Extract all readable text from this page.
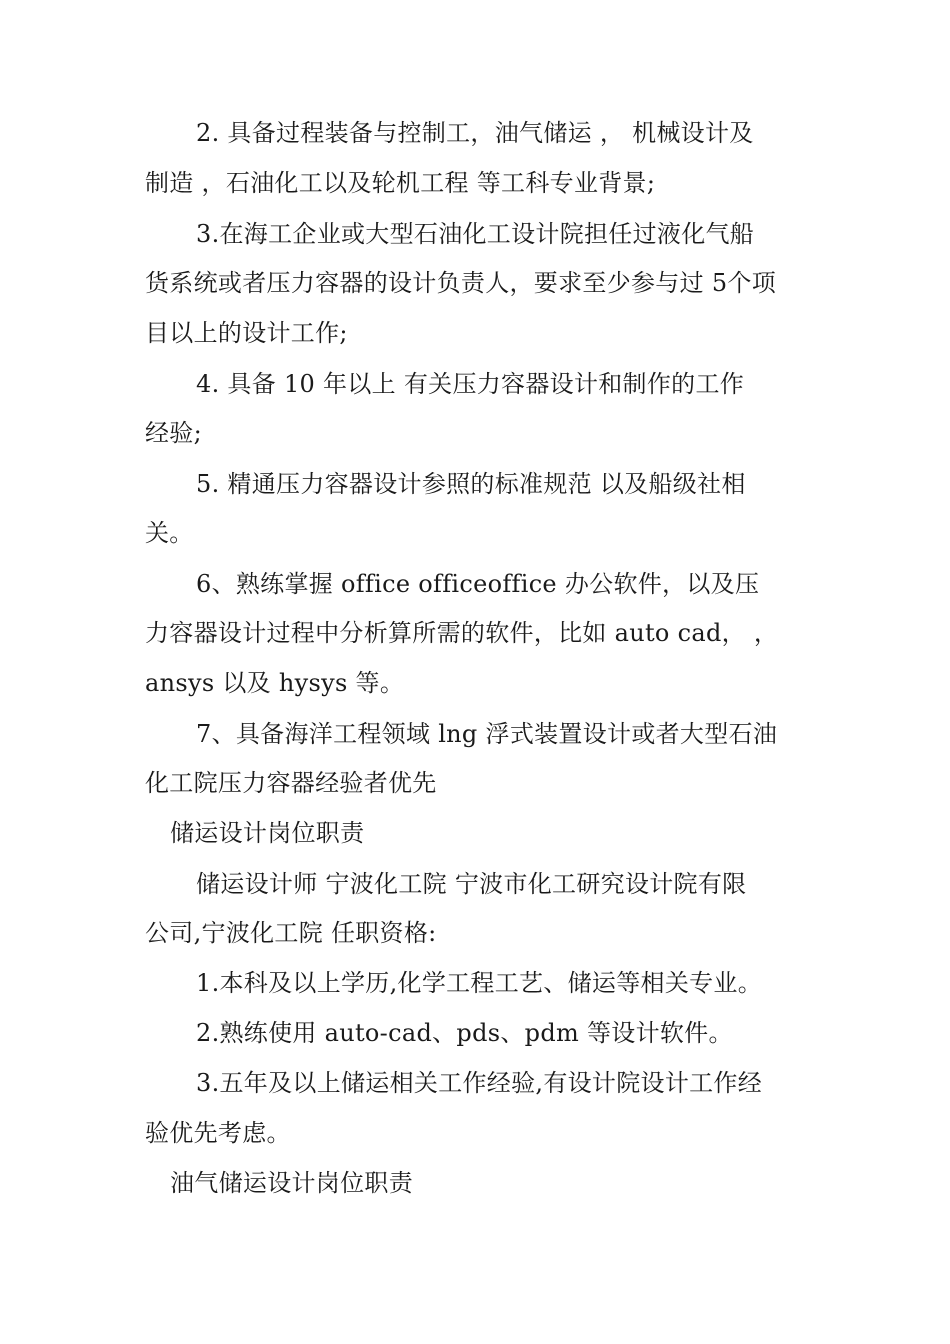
2. 具备过程装备与控制工，油气储运 ， 机械设计及
制造 ，石油化工以及轮机工程 等工科专业背景;
3.在海工企业或大型石油化工设计院担任过液化气船
货系统或者压力容器的设计负责人，要求至少参与过 5个项
目以上的设计工作;
4. 具备 10 年以上 有关压力容器设计和制作的工作
经验;
5. 精通压力容器设计参照的标准规范 以及船级社相
关。
6、熟练掌握 office officeoffice 办公软件，以及压
力容器设计过程中分析算所需的软件，比如 auto cad， ，
ansys 以及 hysys 等。
7、具备海洋工程领域 lng 浮式装置设计或者大型石油
化工院压力容器经验者优先
储运设计岗位职责
储运设计师 宁波化工院 宁波市化工研究设计院有限
公司,宁波化工院 任职资格:
1.本科及以上学历,化学工程工艺、储运等相关专业。
2.熟练使用 auto-cad、pds、pdm 等设计软件。
3.五年及以上储运相关工作经验,有设计院设计工作经
验优先考虑。
油气储运设计岗位职责
